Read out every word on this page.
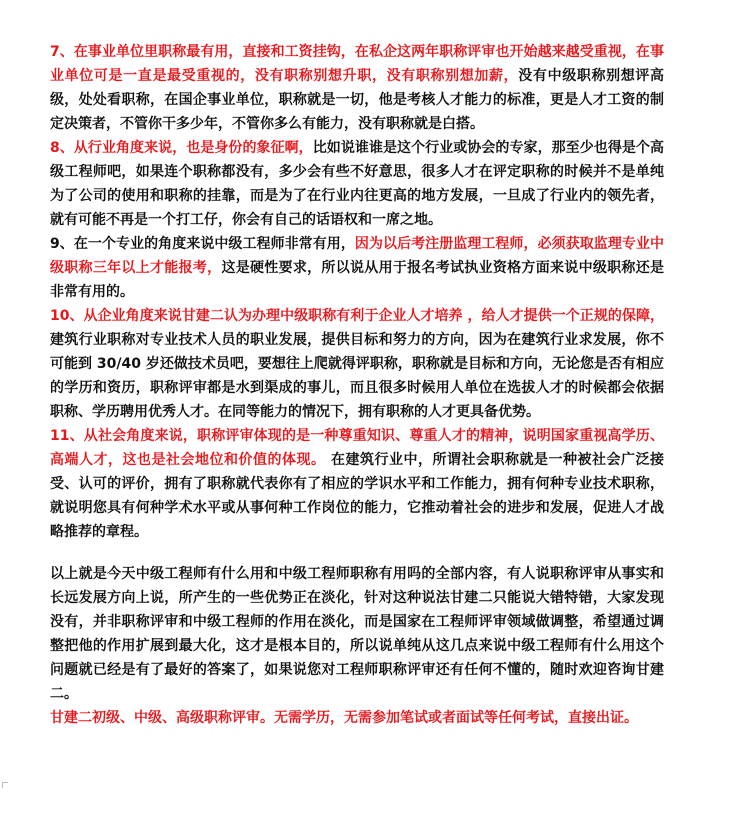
7、在事业单位里职称最有用，直接和工资挂钩，在私企这两年职称评审也开始越来越受重视，在事业单位可是一直是最受重视的，没有职称别想升职，没有职称别想加薪，没有中级职称别想评高级，处处看职称，在国企事业单位，职称就是一切，他是考核人才能力的标准，更是人才工资的制定决策者，不管你干多少年，不管你多么有能力，没有职称就是白搭。

8、从行业角度来说，也是身份的象征啊，比如说谁谁是这个行业或协会的专家，那至少也得是个高级工程师吧，如果连个职称都没有，多少会有些不好意思，很多人才在评定职称的时候并不是单纯为了公司的使用和职称的挂靠，而是为了在行业内往更高的地方发展，一旦成了行业内的领先者，就有可能不再是一个打工仔，你会有自己的话语权和一席之地。

9、在一个专业的角度来说中级工程师非常有用，因为以后考注册监理工程师，必须获取监理专业中级职称三年以上才能报考，这是硬性要求，所以说从用于报名考试执业资格方面来说中级职称还是非常有用的。

10、从企业角度来说甘建二认为办理中级职称有利于企业人才培养 ，给人才提供一个正规的保障，建筑行业职称对专业技术人员的职业发展，提供目标和努力的方向，因为在建筑行业求发展，你不可能到 30/40 岁还做技术员吧，要想往上爬就得评职称，职称就是目标和方向，无论您是否有相应的学历和资历，职称评审都是水到渠成的事儿，而且很多时候用人单位在选拔人才的时候都会依据职称、学历聘用优秀人才。在同等能力的情况下，拥有职称的人才更具备优势。

11、从社会角度来说，职称评审体现的是一种尊重知识、尊重人才的精神，说明国家重视高学历、高端人才，这也是社会地位和价值的体现。 在建筑行业中，所谓社会职称就是一种被社会广泛接受、认可的评价，拥有了职称就代表你有了相应的学识水平和工作能力，拥有何种专业技术职称，就说明您具有何种学术水平或从事何种工作岗位的能力，它推动着社会的进步和发展，促进人才战略推荐的章程。

以上就是今天中级工程师有什么用和中级工程师职称有用吗的全部内容，有人说职称评审从事实和长远发展方向上说，所产生的一些优势正在淡化，针对这种说法甘建二只能说大错特错，大家发现没有，并非职称评审和中级工程师的作用在淡化，而是国家在工程师评审领域做调整，希望通过调整把他的作用扩展到最大化，这才是根本目的，所以说单纯从这几点来说中级工程师有什么用这个问题就已经是有了最好的答案了，如果说您对工程师职称评审还有任何不懂的，随时欢迎咨询甘建二。

甘建二初级、中级、高级职称评审。无需学历，无需参加笔试或者面试等任何考试，直接出证。
